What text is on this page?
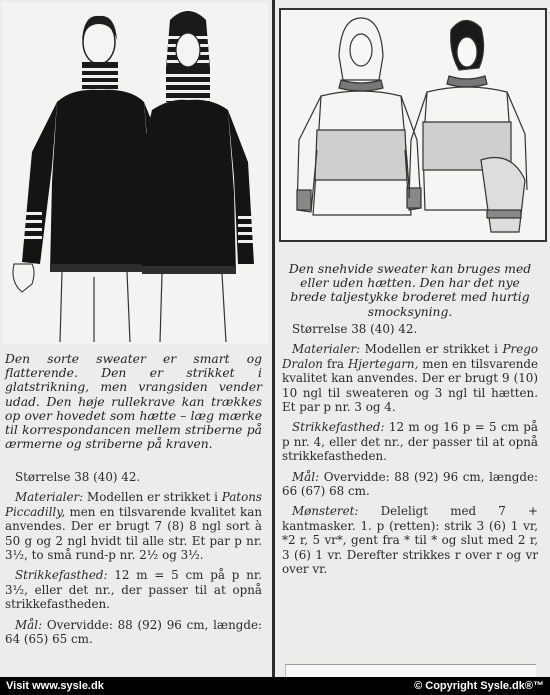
Den sorte sweater er smart og flatterende. Den er strikket i glatstrikning, men vrangsiden vender udad. Den høje rullekrave kan trækkes op over hovedet som hætte – læg mærke til korrespondancen mellem striberne på ærmerne og striberne på kraven.

Størrelse 38 (40) 42.

Materialer: Modellen er strikket i Patons Piccadilly, men en tilsvarende kvalitet kan anvendes. Der er brugt 7 (8) 8 ngl sort à 50 g og 2 ngl hvidt til alle str. Et par p nr. 3½, to små rund-p nr. 2½ og 3½.

Strikkefasthed: 12 m = 5 cm på p nr. 3½, eller det nr., der passer til at opnå strikkefastheden.

Mål: Overvidde: 88 (92) 96 cm, længde: 64 (65) 65 cm.

Den snehvide sweater kan bruges med eller uden hætten. Den har det nye brede taljestykke broderet med hurtig smocksyning.

Størrelse 38 (40) 42.

Materialer: Modellen er strikket i Prego Dralon fra Hjertegarn, men en tilsvarende kvalitet kan anvendes. Der er brugt 9 (10) 10 ngl til sweateren og 3 ngl til hætten. Et par p nr. 3 og 4.

Strikkefasthed: 12 m og 16 p = 5 cm på p nr. 4, eller det nr., der passer til at opnå strikkefastheden.

Mål: Overvidde: 88 (92) 96 cm, længde: 66 (67) 68 cm.

Mønsteret: Deleligt med 7 + kantmasker. 1. p (retten): strik 3 (6) 1 vr, *2 r, 5 vr*, gent fra * til * og slut med 2 r, 3 (6) 1 vr. Derefter strikkes r over r og vr over vr.

Visit www.sysle.dk	© Copyright Sysle.dk®™
